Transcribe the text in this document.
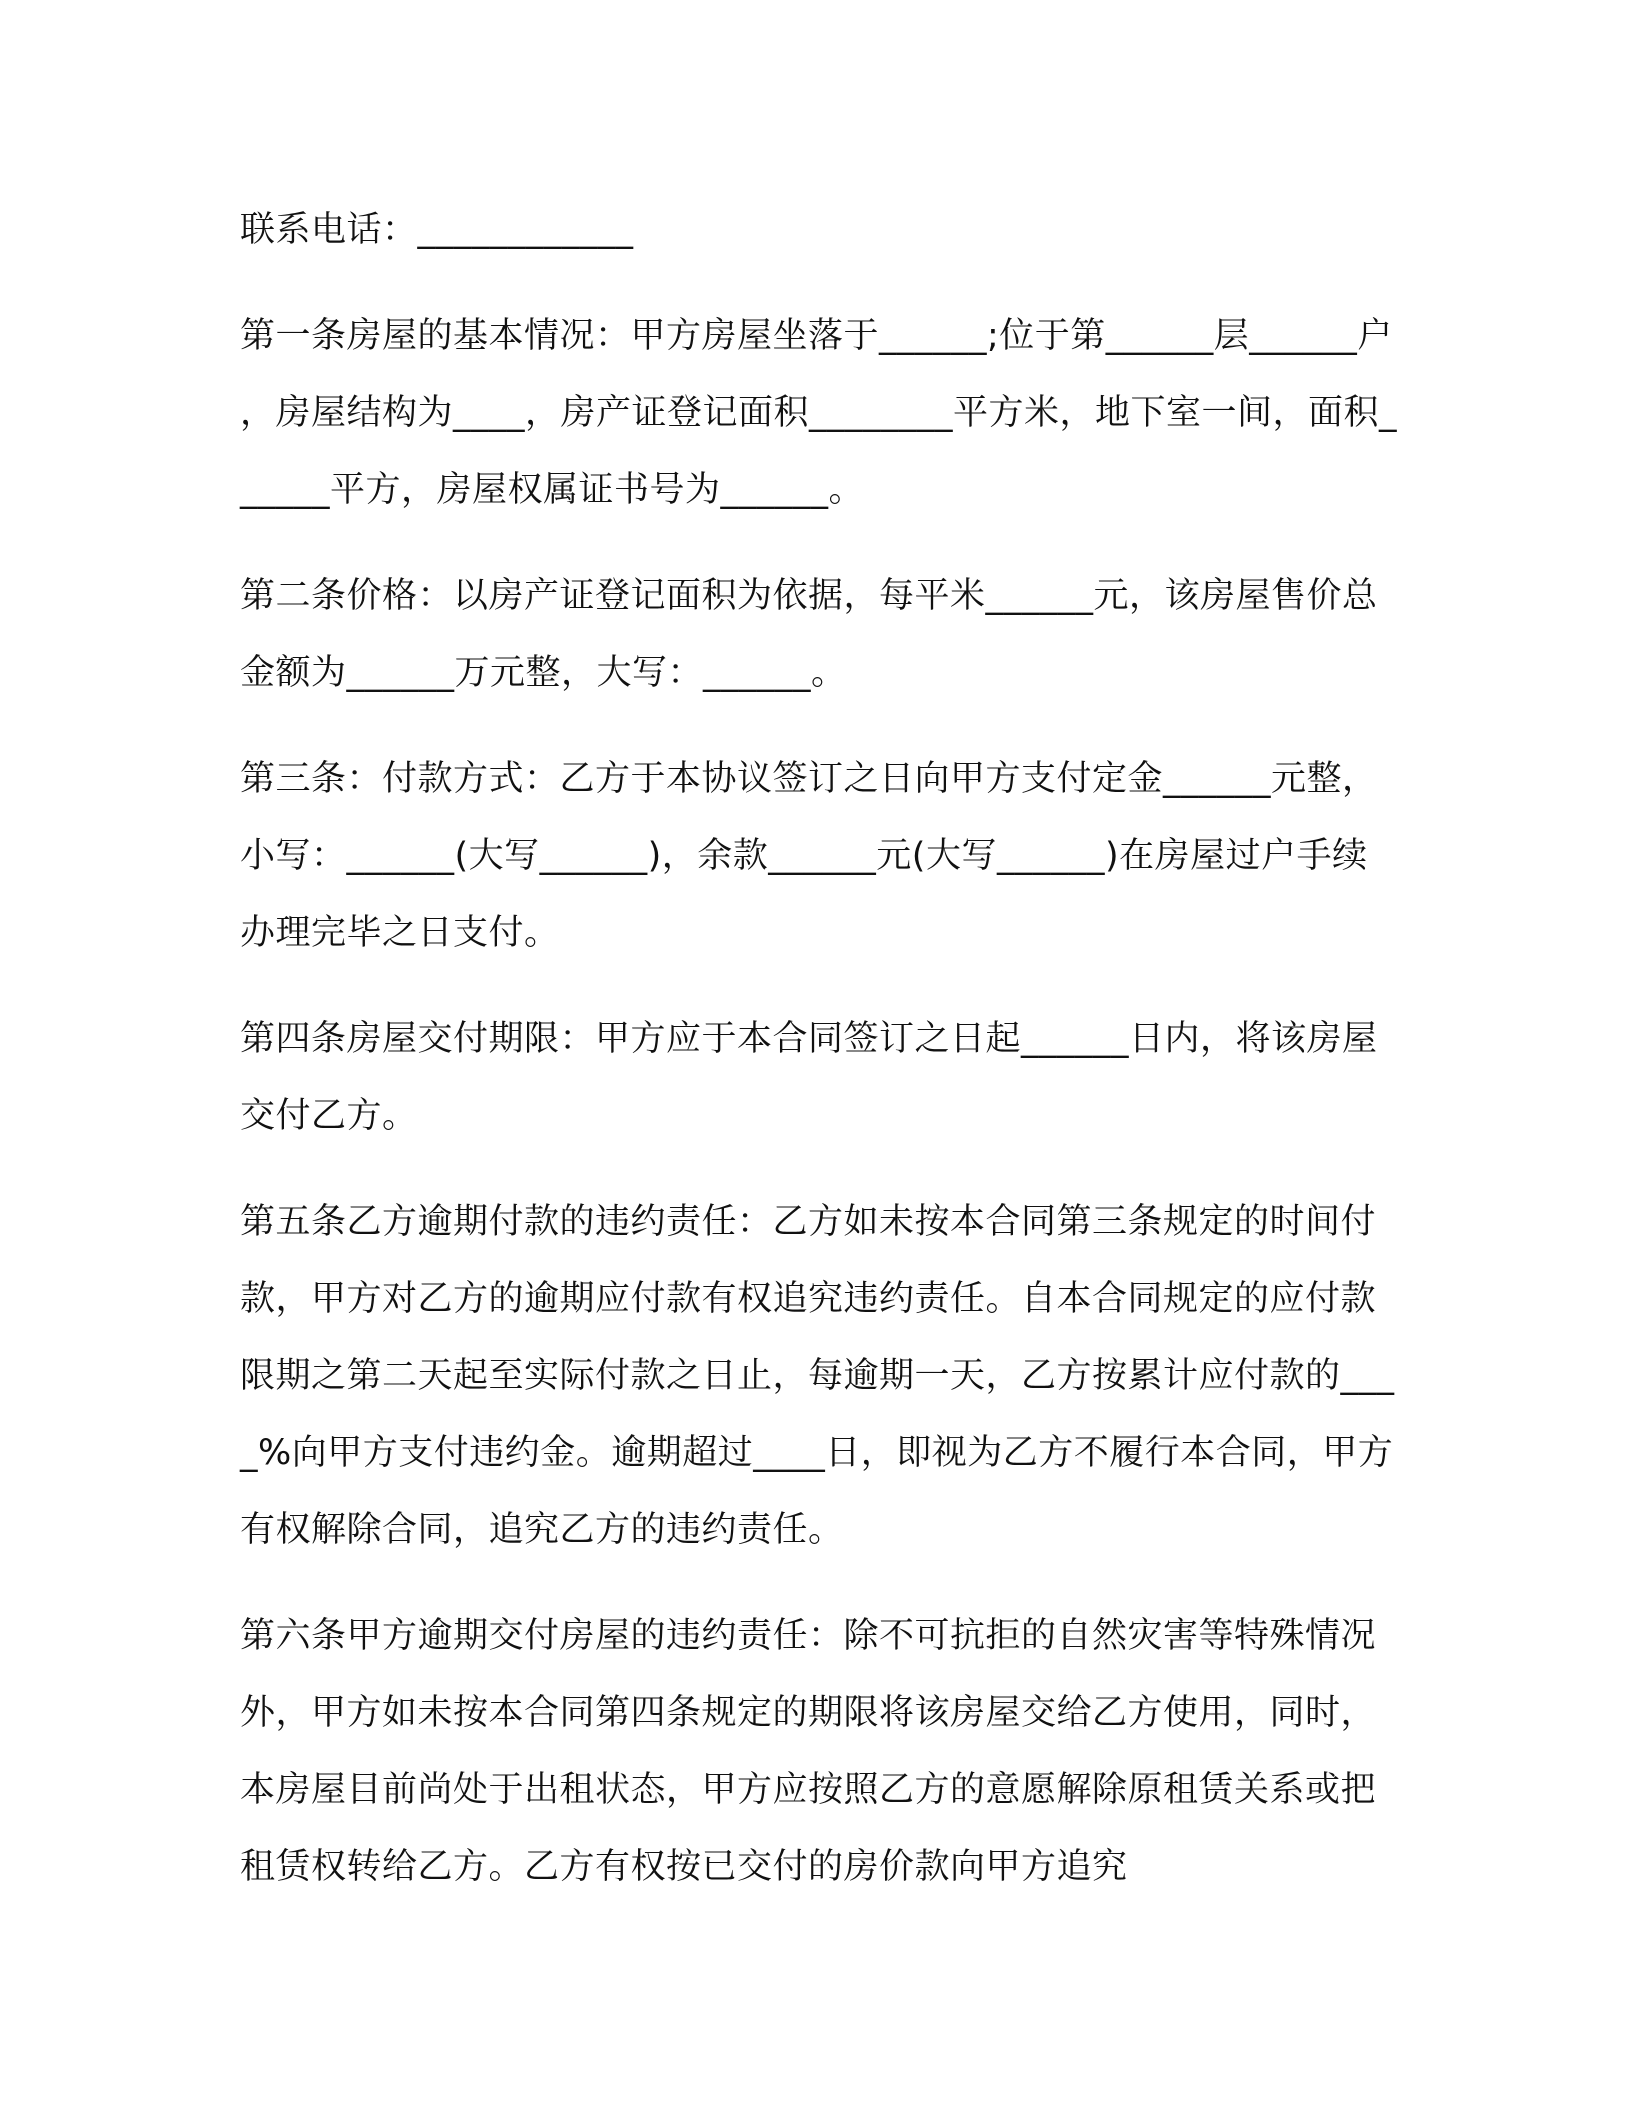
联系电话：____________

第一条房屋的基本情况：甲方房屋坐落于______;位于第______层______户，房屋结构为____，房产证登记面积________平方米，地下室一间，面积______平方，房屋权属证书号为______。

第二条价格：以房产证登记面积为依据，每平米______元，该房屋售价总金额为______万元整，大写：______。

第三条：付款方式：乙方于本协议签订之日向甲方支付定金______元整，小写：______(大写______)，余款______元(大写______)在房屋过户手续办理完毕之日支付。

第四条房屋交付期限：甲方应于本合同签订之日起______日内，将该房屋交付乙方。

第五条乙方逾期付款的违约责任：乙方如未按本合同第三条规定的时间付款，甲方对乙方的逾期应付款有权追究违约责任。自本合同规定的应付款限期之第二天起至实际付款之日止，每逾期一天，乙方按累计应付款的____%向甲方支付违约金。逾期超过____日，即视为乙方不履行本合同，甲方有权解除合同，追究乙方的违约责任。

第六条甲方逾期交付房屋的违约责任：除不可抗拒的自然灾害等特殊情况外，甲方如未按本合同第四条规定的期限将该房屋交给乙方使用，同时，本房屋目前尚处于出租状态，甲方应按照乙方的意愿解除原租赁关系或把租赁权转给乙方。乙方有权按已交付的房价款向甲方追究
